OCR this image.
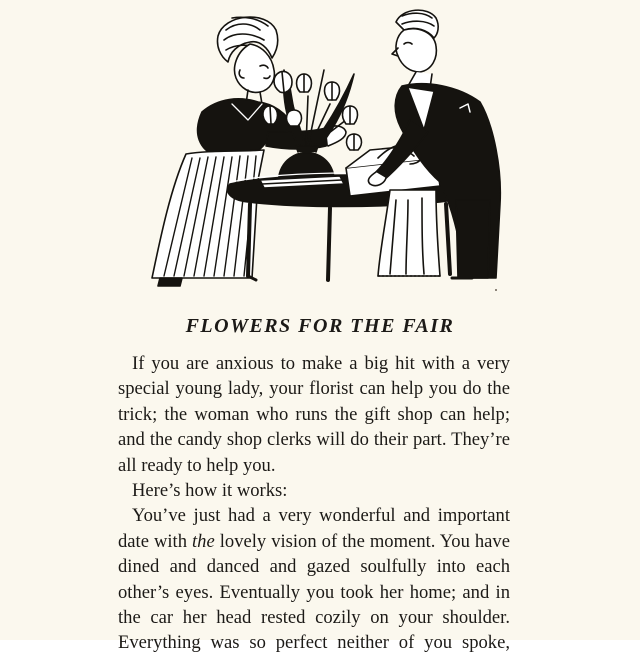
FLOWERS FOR THE FAIR
If you are anxious to make a big hit with a very
special young lady, your florist can help you do the
trick; the woman who runs the gift shop can help;
and the candy shop clerks will do their part. They’re
all ready to help you.
Here’s how it works:
You’ve just had a very wonderful and important
date with the lovely vision of the moment. You have
dined and danced and gazed soulfully into each
other’s eyes. Eventually you took her home; and in
the car her head rested cozily on your shoulder.
Everything was so perfect neither of you spoke,
